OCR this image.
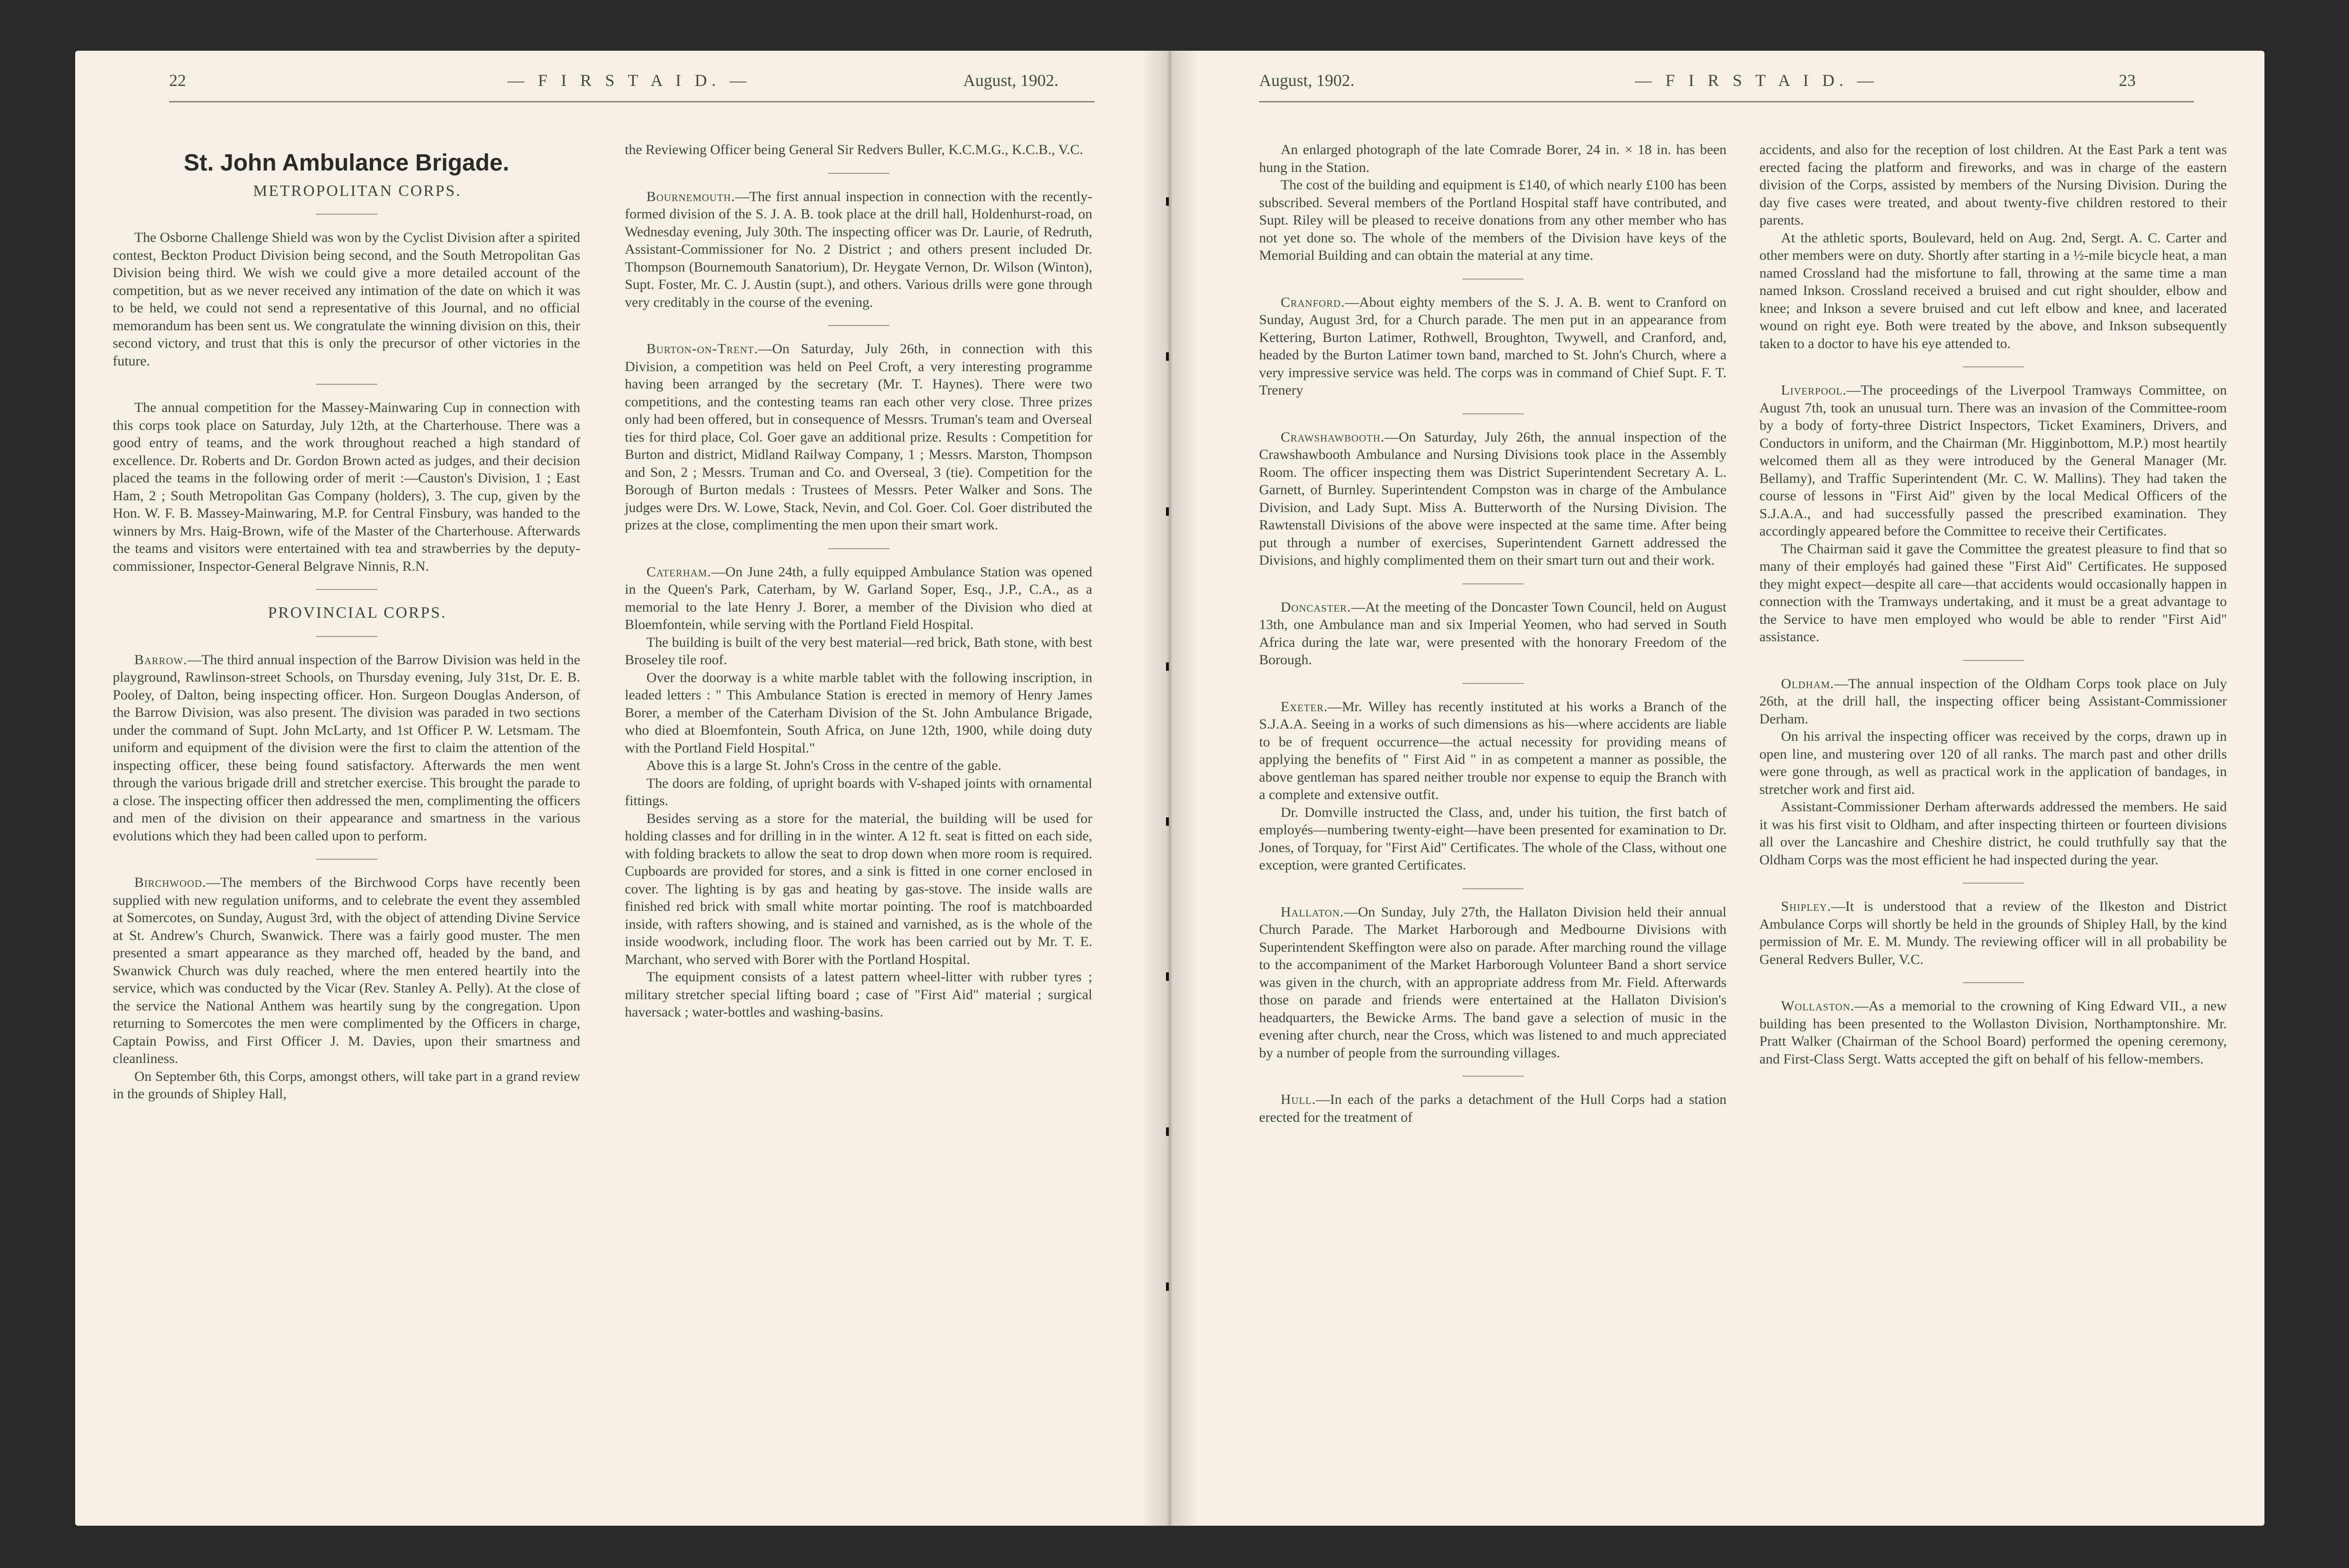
22	— F I R S T A I D. —	August, 1902.	August, 1902.	— F I R S T A I D. —	23
St. John Ambulance Brigade.

METROPOLITAN CORPS.

The Osborne Challenge Shield was won by the Cyclist Division after a spirited contest, Beckton Product Division being second, and the South Metropolitan Gas Division being third. We wish we could give a more detailed account of the competition, but as we never received any intimation of the date on which it was to be held, we could not send a representative of this Journal, and no official memorandum has been sent us. We congratulate the winning division on this, their second victory, and trust that this is only the precursor of other victories in the future.

The annual competition for the Massey-Mainwaring Cup in connection with this corps took place on Saturday, July 12th, at the Charterhouse. There was a good entry of teams, and the work throughout reached a high standard of excellence. Dr. Roberts and Dr. Gordon Brown acted as judges, and their decision placed the teams in the following order of merit :—Causton's Division, 1 ; East Ham, 2 ; South Metropolitan Gas Company (holders), 3. The cup, given by the Hon. W. F. B. Massey-Mainwaring, M.P. for Central Finsbury, was handed to the winners by Mrs. Haig-Brown, wife of the Master of the Charterhouse. Afterwards the teams and visitors were entertained with tea and strawberries by the deputy-commissioner, Inspector-General Belgrave Ninnis, R.N.

PROVINCIAL CORPS.

Barrow.—The third annual inspection of the Barrow Division was held in the playground, Rawlinson-street Schools, on Thursday evening, July 31st, Dr. E. B. Pooley, of Dalton, being inspecting officer. Hon. Surgeon Douglas Anderson, of the Barrow Division, was also present. The division was paraded in two sections under the command of Supt. John McLarty, and 1st Officer P. W. Letsmam. The uniform and equipment of the division were the first to claim the attention of the inspecting officer, these being found satisfactory. Afterwards the men went through the various brigade drill and stretcher exercise. This brought the parade to a close. The inspecting officer then addressed the men, complimenting the officers and men of the division on their appearance and smartness in the various evolutions which they had been called upon to perform.

Birchwood.—The members of the Birchwood Corps have recently been supplied with new regulation uniforms, and to celebrate the event they assembled at Somercotes, on Sunday, August 3rd, with the object of attending Divine Service at St. Andrew's Church, Swanwick. There was a fairly good muster. The men presented a smart appearance as they marched off, headed by the band, and Swanwick Church was duly reached, where the men entered heartily into the service, which was conducted by the Vicar (Rev. Stanley A. Pelly). At the close of the service the National Anthem was heartily sung by the congregation. Upon returning to Somercotes the men were complimented by the Officers in charge, Captain Powiss, and First Officer J. M. Davies, upon their smartness and cleanliness.

On September 6th, this Corps, amongst others, will take part in a grand review in the grounds of Shipley Hall,

the Reviewing Officer being General Sir Redvers Buller, K.C.M.G., K.C.B., V.C.

Bournemouth.—The first annual inspection in connection with the recently-formed division of the S. J. A. B. took place at the drill hall, Holdenhurst-road, on Wednesday evening, July 30th. The inspecting officer was Dr. Laurie, of Redruth, Assistant-Commissioner for No. 2 District ; and others present included Dr. Thompson (Bournemouth Sanatorium), Dr. Heygate Vernon, Dr. Wilson (Winton), Supt. Foster, Mr. C. J. Austin (supt.), and others. Various drills were gone through very creditably in the course of the evening.

Burton-on-Trent.—On Saturday, July 26th, in connection with this Division, a competition was held on Peel Croft, a very interesting programme having been arranged by the secretary (Mr. T. Haynes). There were two competitions, and the contesting teams ran each other very close. Three prizes only had been offered, but in consequence of Messrs. Truman's team and Overseal ties for third place, Col. Goer gave an additional prize. Results : Competition for Burton and district, Midland Railway Company, 1 ; Messrs. Marston, Thompson and Son, 2 ; Messrs. Truman and Co. and Overseal, 3 (tie). Competition for the Borough of Burton medals : Trustees of Messrs. Peter Walker and Sons. The judges were Drs. W. Lowe, Stack, Nevin, and Col. Goer. Col. Goer distributed the prizes at the close, complimenting the men upon their smart work.

Caterham.—On June 24th, a fully equipped Ambulance Station was opened in the Queen's Park, Caterham, by W. Garland Soper, Esq., J.P., C.A., as a memorial to the late Henry J. Borer, a member of the Division who died at Bloemfontein, while serving with the Portland Field Hospital.

The building is built of the very best material—red brick, Bath stone, with best Broseley tile roof.

Over the doorway is a white marble tablet with the following inscription, in leaded letters : " This Ambulance Station is erected in memory of Henry James Borer, a member of the Caterham Division of the St. John Ambulance Brigade, who died at Bloemfontein, South Africa, on June 12th, 1900, while doing duty with the Portland Field Hospital."

Above this is a large St. John's Cross in the centre of the gable.

The doors are folding, of upright boards with V-shaped joints with ornamental fittings.

Besides serving as a store for the material, the building will be used for holding classes and for drilling in in the winter. A 12 ft. seat is fitted on each side, with folding brackets to allow the seat to drop down when more room is required. Cupboards are provided for stores, and a sink is fitted in one corner enclosed in cover. The lighting is by gas and heating by gas-stove. The inside walls are finished red brick with small white mortar pointing. The roof is matchboarded inside, with rafters showing, and is stained and varnished, as is the whole of the inside woodwork, including floor. The work has been carried out by Mr. T. E. Marchant, who served with Borer with the Portland Hospital.

The equipment consists of a latest pattern wheel-litter with rubber tyres ; military stretcher special lifting board ; case of "First Aid" material ; surgical haversack ; water-bottles and washing-basins.

An enlarged photograph of the late Comrade Borer, 24 in. × 18 in. has been hung in the Station.

The cost of the building and equipment is £140, of which nearly £100 has been subscribed. Several members of the Portland Hospital staff have contributed, and Supt. Riley will be pleased to receive donations from any other member who has not yet done so. The whole of the members of the Division have keys of the Memorial Building and can obtain the material at any time.

Cranford.—About eighty members of the S. J. A. B. went to Cranford on Sunday, August 3rd, for a Church parade. The men put in an appearance from Kettering, Burton Latimer, Rothwell, Broughton, Twywell, and Cranford, and, headed by the Burton Latimer town band, marched to St. John's Church, where a very impressive service was held. The corps was in command of Chief Supt. F. T. Trenery

Crawshawbooth.—On Saturday, July 26th, the annual inspection of the Crawshawbooth Ambulance and Nursing Divisions took place in the Assembly Room. The officer inspecting them was District Superintendent Secretary A. L. Garnett, of Burnley. Superintendent Compston was in charge of the Ambulance Division, and Lady Supt. Miss A. Butterworth of the Nursing Division. The Rawtenstall Divisions of the above were inspected at the same time. After being put through a number of exercises, Superintendent Garnett addressed the Divisions, and highly complimented them on their smart turn out and their work.

Doncaster.—At the meeting of the Doncaster Town Council, held on August 13th, one Ambulance man and six Imperial Yeomen, who had served in South Africa during the late war, were presented with the honorary Freedom of the Borough.

Exeter.—Mr. Willey has recently instituted at his works a Branch of the S.J.A.A. Seeing in a works of such dimensions as his—where accidents are liable to be of frequent occurrence—the actual necessity for providing means of applying the benefits of " First Aid " in as competent a manner as possible, the above gentleman has spared neither trouble nor expense to equip the Branch with a complete and extensive outfit.

Dr. Domville instructed the Class, and, under his tuition, the first batch of employés—numbering twenty-eight—have been presented for examination to Dr. Jones, of Torquay, for "First Aid" Certificates. The whole of the Class, without one exception, were granted Certificates.

Hallaton.—On Sunday, July 27th, the Hallaton Division held their annual Church Parade. The Market Harborough and Medbourne Divisions with Superintendent Skeffington were also on parade. After marching round the village to the accompaniment of the Market Harborough Volunteer Band a short service was given in the church, with an appropriate address from Mr. Field. Afterwards those on parade and friends were entertained at the Hallaton Division's headquarters, the Bewicke Arms. The band gave a selection of music in the evening after church, near the Cross, which was listened to and much appreciated by a number of people from the surrounding villages.

Hull.—In each of the parks a detachment of the Hull Corps had a station erected for the treatment of

accidents, and also for the reception of lost children. At the East Park a tent was erected facing the platform and fireworks, and was in charge of the eastern division of the Corps, assisted by members of the Nursing Division. During the day five cases were treated, and about twenty-five children restored to their parents.

At the athletic sports, Boulevard, held on Aug. 2nd, Sergt. A. C. Carter and other members were on duty. Shortly after starting in a ½-mile bicycle heat, a man named Crossland had the misfortune to fall, throwing at the same time a man named Inkson. Crossland received a bruised and cut right shoulder, elbow and knee; and Inkson a severe bruised and cut left elbow and knee, and lacerated wound on right eye. Both were treated by the above, and Inkson subsequently taken to a doctor to have his eye attended to.

Liverpool.—The proceedings of the Liverpool Tramways Committee, on August 7th, took an unusual turn. There was an invasion of the Committee-room by a body of forty-three District Inspectors, Ticket Examiners, Drivers, and Conductors in uniform, and the Chairman (Mr. Higginbottom, M.P.) most heartily welcomed them all as they were introduced by the General Manager (Mr. Bellamy), and Traffic Superintendent (Mr. C. W. Mallins). They had taken the course of lessons in "First Aid" given by the local Medical Officers of the S.J.A.A., and had successfully passed the prescribed examination. They accordingly appeared before the Committee to receive their Certificates.

The Chairman said it gave the Committee the greatest pleasure to find that so many of their employés had gained these "First Aid" Certificates. He supposed they might expect—despite all care—that accidents would occasionally happen in connection with the Tramways undertaking, and it must be a great advantage to the Service to have men employed who would be able to render "First Aid" assistance.

Oldham.—The annual inspection of the Oldham Corps took place on July 26th, at the drill hall, the inspecting officer being Assistant-Commissioner Derham.

On his arrival the inspecting officer was received by the corps, drawn up in open line, and mustering over 120 of all ranks. The march past and other drills were gone through, as well as practical work in the application of bandages, in stretcher work and first aid.

Assistant-Commissioner Derham afterwards addressed the members. He said it was his first visit to Oldham, and after inspecting thirteen or fourteen divisions all over the Lancashire and Cheshire district, he could truthfully say that the Oldham Corps was the most efficient he had inspected during the year.

Shipley.—It is understood that a review of the Ilkeston and District Ambulance Corps will shortly be held in the grounds of Shipley Hall, by the kind permission of Mr. E. M. Mundy. The reviewing officer will in all probability be General Redvers Buller, V.C.

Wollaston.—As a memorial to the crowning of King Edward VII., a new building has been presented to the Wollaston Division, Northamptonshire. Mr. Pratt Walker (Chairman of the School Board) performed the opening ceremony, and First-Class Sergt. Watts accepted the gift on behalf of his fellow-members.
